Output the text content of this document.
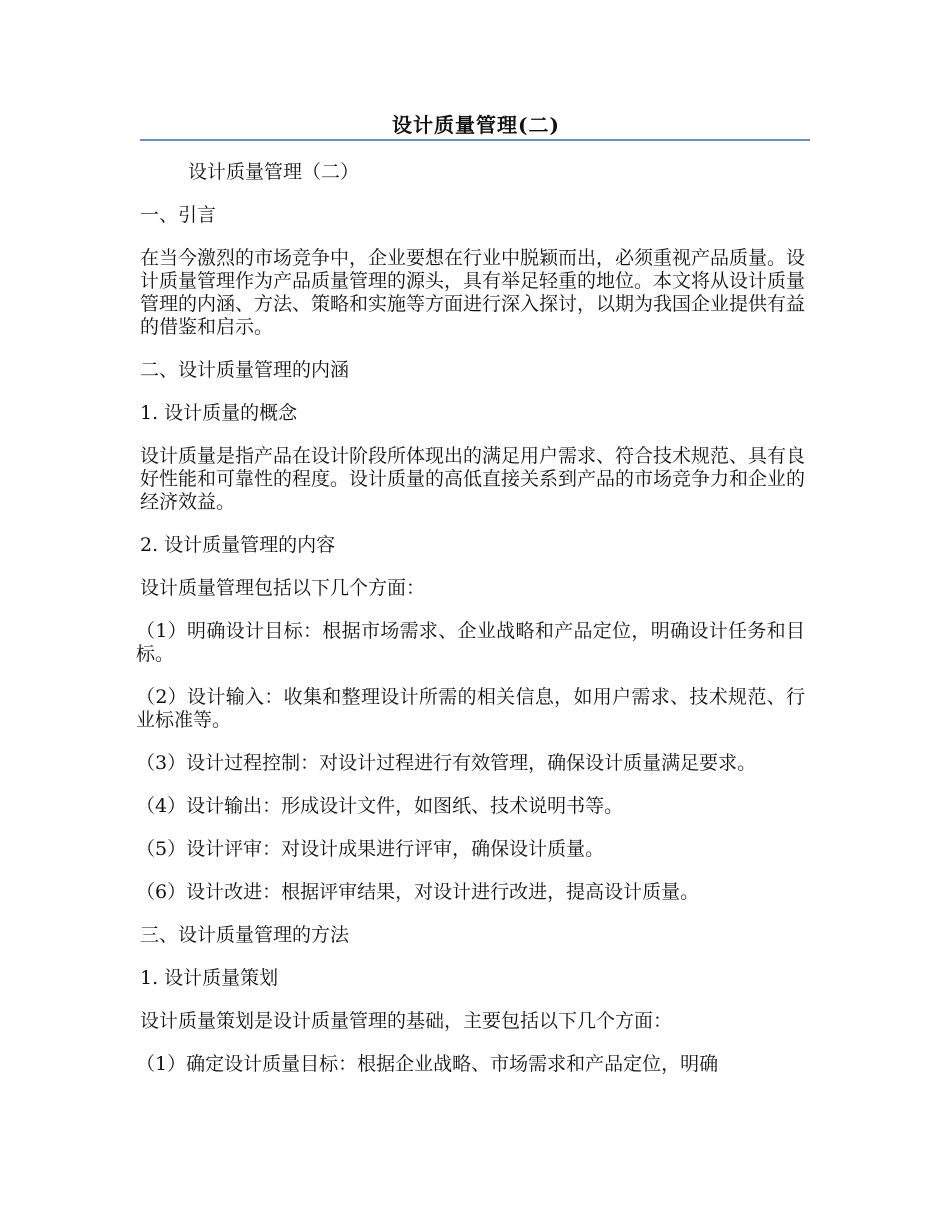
设计质量管理(二)

设计质量管理（二）

一、引言

在当今激烈的市场竞争中，企业要想在行业中脱颖而出，必须重视产品质量。设计质量管理作为产品质量管理的源头，具有举足轻重的地位。本文将从设计质量管理的内涵、方法、策略和实施等方面进行深入探讨，以期为我国企业提供有益的借鉴和启示。

二、设计质量管理的内涵

1. 设计质量的概念

设计质量是指产品在设计阶段所体现出的满足用户需求、符合技术规范、具有良好性能和可靠性的程度。设计质量的高低直接关系到产品的市场竞争力和企业的经济效益。

2. 设计质量管理的内容

设计质量管理包括以下几个方面：

（1）明确设计目标：根据市场需求、企业战略和产品定位，明确设计任务和目标。

（2）设计输入：收集和整理设计所需的相关信息，如用户需求、技术规范、行业标准等。

（3）设计过程控制：对设计过程进行有效管理，确保设计质量满足要求。

（4）设计输出：形成设计文件，如图纸、技术说明书等。

（5）设计评审：对设计成果进行评审，确保设计质量。

（6）设计改进：根据评审结果，对设计进行改进，提高设计质量。

三、设计质量管理的方法

1. 设计质量策划

设计质量策划是设计质量管理的基础，主要包括以下几个方面：

（1）确定设计质量目标：根据企业战略、市场需求和产品定位，明确
